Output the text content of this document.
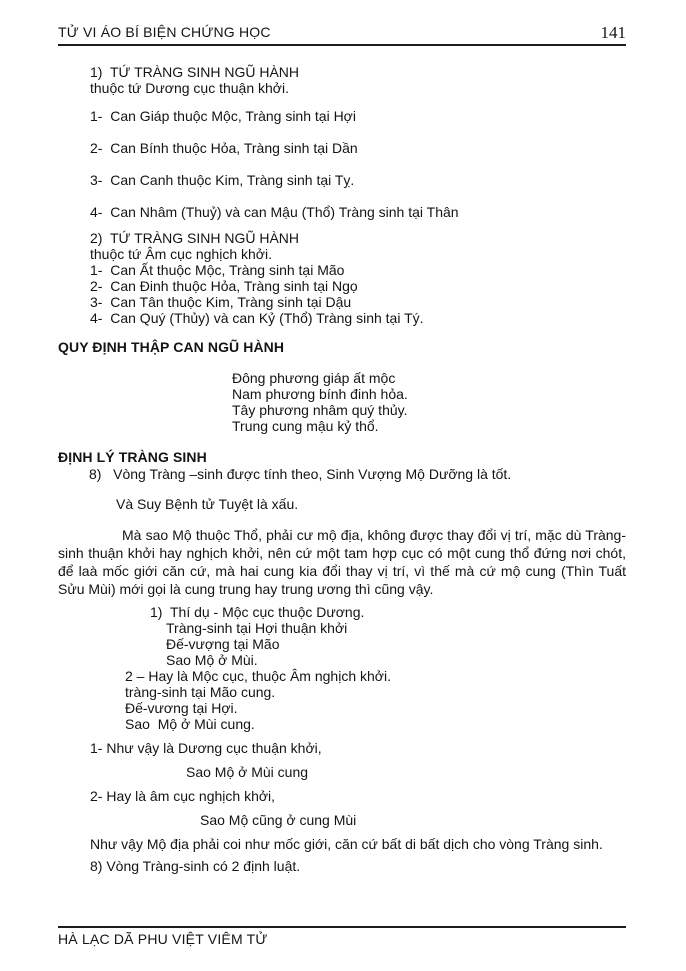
TỬ VI ÁO BÍ BIỆN CHỨNG HỌC	141
1)  TỨ TRÀNG SINH NGŨ HÀNH
thuộc tứ Dương cục thuận khởi.
1-  Can Giáp thuộc Mộc, Tràng sinh tại Hợi
2-  Can Bính thuộc Hỏa, Tràng sinh tại Dần
3-  Can Canh thuộc Kim, Tràng sinh tại Tỵ.
4-  Can Nhâm (Thuỷ) và can Mậu (Thổ) Tràng sinh tại Thân
2)  TỨ TRÀNG SINH NGŨ HÀNH
thuộc tứ Âm cục nghịch khởi.
1-  Can Ất thuộc Mộc, Tràng sinh tại Mão
2-  Can Đinh thuộc Hỏa, Tràng sinh tại Ngọ
3-  Can Tân thuộc Kim, Tràng sinh tại Dậu
4-  Can Quý (Thủy) và can Kỷ (Thổ) Tràng sinh tại Tý.
QUY ĐỊNH THẬP CAN NGŨ HÀNH
Đông phương giáp ất mộc
Nam phương bính đinh hỏa.
Tây phương nhâm quý thủy.
Trung cung mậu kỷ thổ.
ĐỊNH LÝ TRÀNG SINH
8)   Vòng Tràng –sinh được tính theo, Sinh Vượng Mộ Dưỡng là tốt.
Và Suy Bệnh tử Tuyệt là xấu.
Mà sao Mộ thuộc Thổ, phải cư mộ địa, không được thay đổi vị trí, mặc dù Tràng-
sinh thuận khởi hay nghịch khởi, nên cứ một tam hợp cục có một cung thổ đứng nơi chót,
để laà mốc giới căn cứ, mà hai cung kia đổi thay vị trí, vì thế mà cứ mộ cung (Thìn Tuất
Sửu Mùi) mới gọi là cung trung hay trung ương thì cũng vậy.
1)  Thí dụ - Mộc cục thuộc Dương.
Tràng-sinh tại Hợi thuận khởi
Đế-vượng tại Mão
Sao Mộ ở Mùi.
2 – Hay là Mộc cục, thuộc Âm nghịch khởi.
tràng-sinh tại Mão cung.
Đế-vương tại Hợi.
Sao  Mộ ở Mùi cung.
1- Như vậy là Dương cục thuận khởi,
Sao Mộ ở Mùi cung
2- Hay là âm cục nghịch khởi,
Sao Mộ cũng ở cung Mùi
Như vậy Mộ địa phải coi như mốc giới, căn cứ bất di bất dịch cho vòng Tràng sinh.
8) Vòng Tràng-sinh có 2 định luật.
HÀ LẠC DÃ PHU VIỆT VIÊM TỬ
